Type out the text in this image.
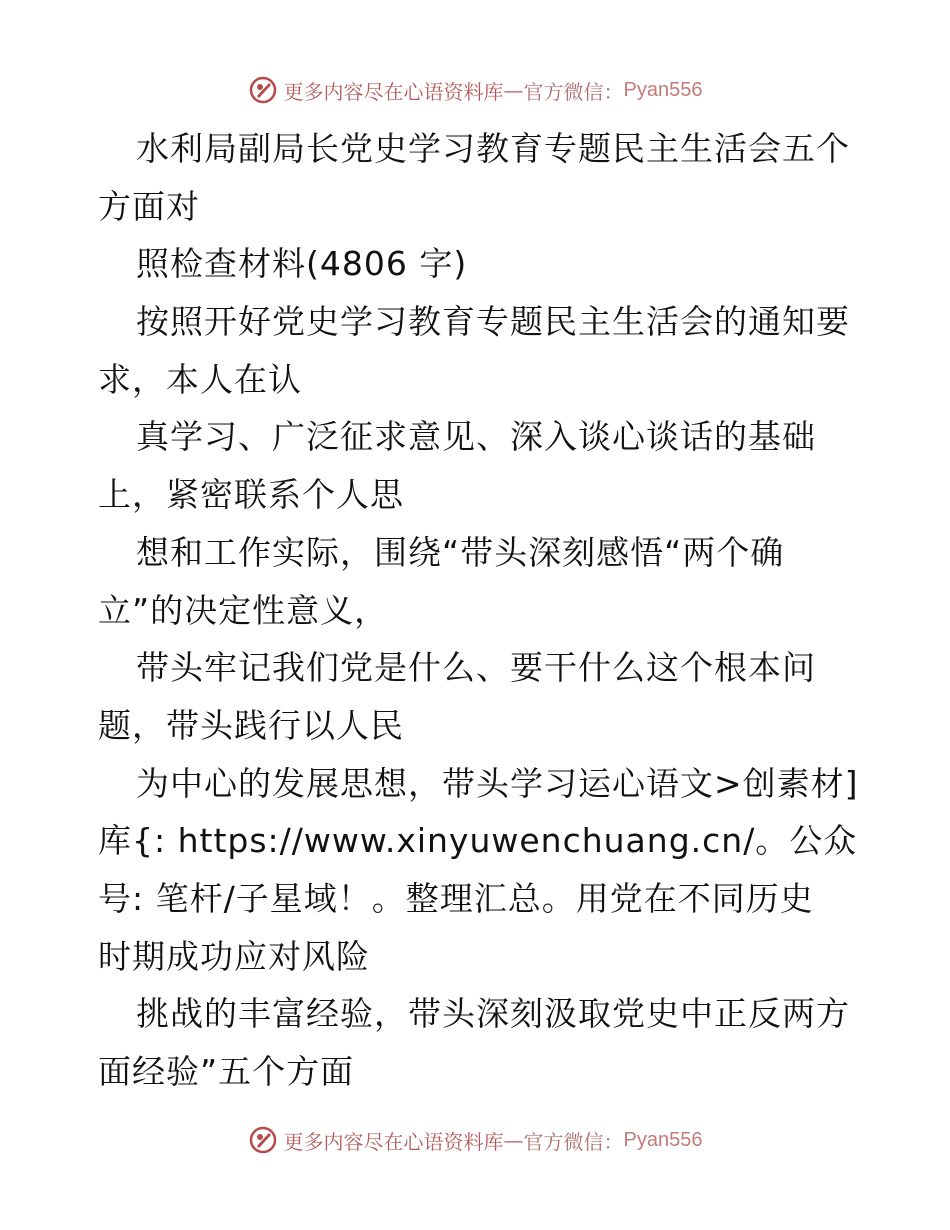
更多内容尽在心语资料库 — 官方微信： Pyan556
水利局副局长党史学习教育专题民主生活会五个
方面对
照检查材料(4806 字)
按照开好党史学习教育专题民主生活会的通知要
求，本人在认
真学习、广泛征求意见、深入谈心谈话的基础
上，紧密联系个人思
想和工作实际，围绕“带头深刻感悟“两个确
立”的决定性意义，
带头牢记我们党是什么、要干什么这个根本问
题，带头践行以人民
为中心的发展思想，带头学习运心语文>创素材]
库{: https://www.xinyuwenchuang.cn/。公众
号: 笔杆/子星域！。整理汇总。用党在不同历史
时期成功应对风险
挑战的丰富经验，带头深刻汲取党史中正反两方
面经验”五个方面
更多内容尽在心语资料库 — 官方微信： Pyan556
